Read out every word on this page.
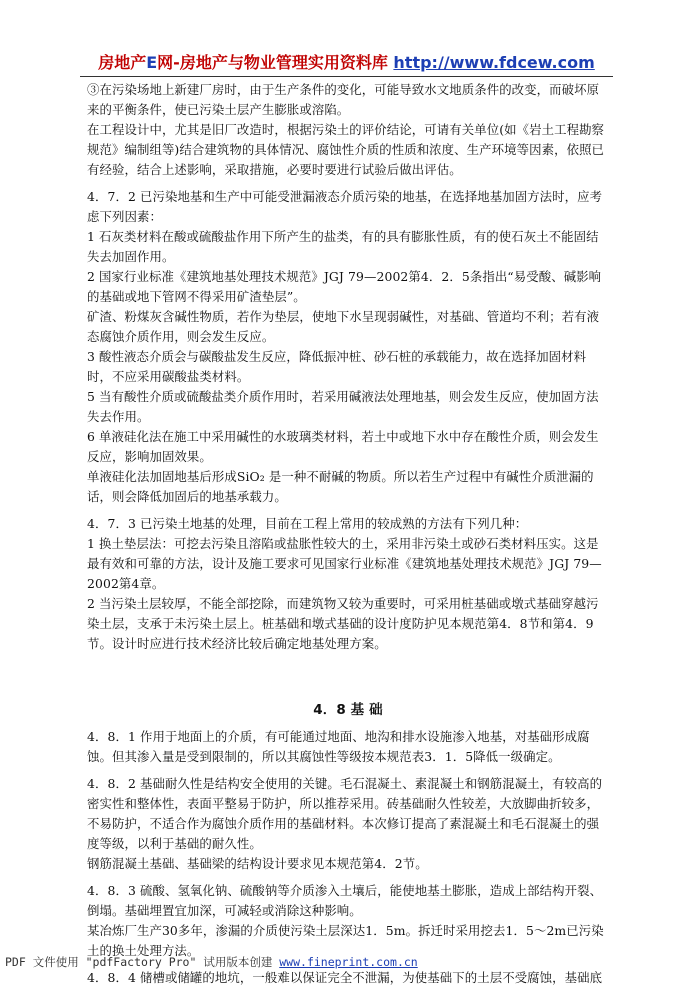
房地产E网-房地产与物业管理实用资料库 http://www.fdcew.com

③在污染场地上新建厂房时，由于生产条件的变化，可能导致水文地质条件的改变，而破坏原来的平衡条件，使已污染土层产生膨胀或溶陷。

在工程设计中，尤其是旧厂改造时，根据污染土的评价结论，可请有关单位(如《岩土工程勘察规范》编制组等)结合建筑物的具体情况、腐蚀性介质的性质和浓度、生产环境等因素，依照已有经验，结合上述影响，采取措施，必要时要进行试验后做出评估。

4．7．2 已污染地基和生产中可能受泄漏液态介质污染的地基，在选择地基加固方法时，应考虑下列因素：

1 石灰类材料在酸或硫酸盐作用下所产生的盐类，有的具有膨胀性质，有的使石灰土不能固结失去加固作用。

2 国家行业标准《建筑地基处理技术规范》JGJ 79—2002第4．2．5条指出“易受酸、碱影响的基础或地下管网不得采用矿渣垫层”。

矿渣、粉煤灰含碱性物质，若作为垫层，使地下水呈现弱碱性，对基础、管道均不利；若有液态腐蚀介质作用，则会发生反应。

3 酸性液态介质会与碳酸盐发生反应，降低振冲桩、砂石桩的承载能力，故在选择加固材料时，不应采用碳酸盐类材料。

5 当有酸性介质或硫酸盐类介质作用时，若采用碱液法处理地基，则会发生反应，使加固方法失去作用。

6 单液硅化法在施工中采用碱性的水玻璃类材料，若土中或地下水中存在酸性介质，则会发生反应，影响加固效果。

单液硅化法加固地基后形成SiO₂ 是一种不耐碱的物质。所以若生产过程中有碱性介质泄漏的话，则会降低加固后的地基承载力。

4．7．3 已污染土地基的处理，目前在工程上常用的较成熟的方法有下列几种：

1 换土垫层法：可挖去污染且溶陷或盐胀性较大的土，采用非污染土或砂石类材料压实。这是最有效和可靠的方法，设计及施工要求可见国家行业标准《建筑地基处理技术规范》JGJ 79—2002第4章。

2 当污染土层较厚，不能全部挖除，而建筑物又较为重要时，可采用桩基础或墩式基础穿越污染土层，支承于未污染土层上。桩基础和墩式基础的设计度防护见本规范第4．8节和第4．9节。设计时应进行技术经济比较后确定地基处理方案。

4．8 基 础

4．8．1 作用于地面上的介质，有可能通过地面、地沟和排水设施渗入地基，对基础形成腐蚀。但其渗入量是受到限制的，所以其腐蚀性等级按本规范表3．1．5降低一级确定。

4．8．2 基础耐久性是结构安全使用的关键。毛石混凝土、素混凝土和钢筋混凝土，有较高的密实性和整体性，表面平整易于防护，所以推荐采用。砖基础耐久性较差，大放脚曲折较多，不易防护，不适合作为腐蚀介质作用的基础材料。本次修订提高了素混凝土和毛石混凝土的强度等级，以利于基础的耐久性。

钢筋混凝土基础、基础梁的结构设计要求见本规范第4．2节。

4．8．3 硫酸、氢氧化钠、硫酸钠等介质渗入土壤后，能使地基土膨胀，造成上部结构开裂、倒塌。基础埋置宜加深，可减轻或消除这种影响。

某冶炼厂生产30多年，渗漏的介质使污染土层深达1．5m。拆迁时采用挖去1．5～2m已污染土的换土处理方法。

4．8．4 储槽或储罐的地坑，一般难以保证完全不泄漏，为使基础下的土层不受腐蚀，基础底

PDF 文件使用 "pdfFactory Pro" 试用版本创建 www.fineprint.com.cn
